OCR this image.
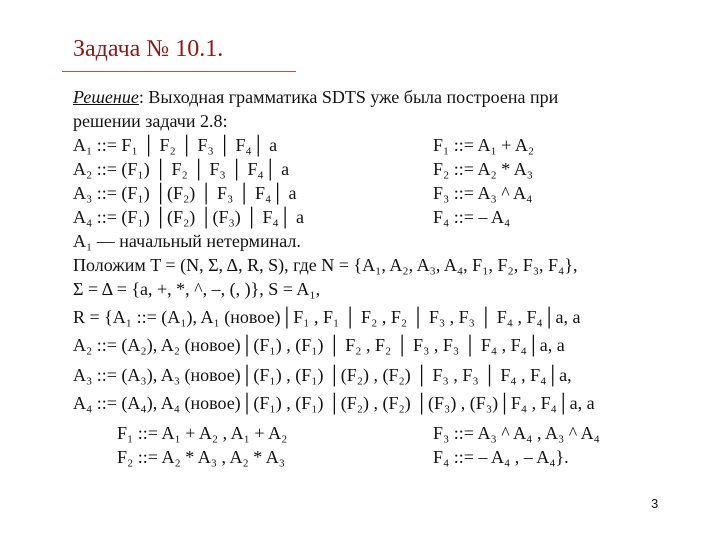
Задача № 10.1.
Решение: Выходная грамматика SDTS уже была построена при
решении задачи 2.8:
A₁ ::= F₁ │ F₂ │ F₃ │ F₄│ a
A₂ ::= (F₁) │ F₂ │ F₃ │ F₄│ a
A₃ ::= (F₁) │(F₂) │ F₃ │ F₄│ a
A₄ ::= (F₁) │(F₂) │(F₃) │ F₄│ a
F₁ ::= A₁ + A₂
F₂ ::= A₂ * A₃
F₃ ::= A₃ ^ A₄
F₄ ::= – A₄
A₁ — начальный нетерминал.
Положим T = (N, Σ, Δ, R, S), где N = {A₁, A₂, A₃, A₄, F₁, F₂, F₃, F₄},
Σ = Δ = {a, +, *, ^, –, (, )}, S = A₁,
R = {A₁ ::= (A₁), A₁ (новое)│F₁ , F₁ │ F₂ , F₂ │ F₃ , F₃ │ F₄ , F₄│a, a
A₂ ::= (A₂), A₂ (новое)│(F₁) , (F₁) │ F₂ , F₂ │ F₃ , F₃ │ F₄ , F₄│a, a
A₃ ::= (A₃), A₃ (новое)│(F₁) , (F₁) │(F₂) , (F₂) │ F₃ , F₃ │ F₄ , F₄│a,
A₄ ::= (A₄), A₄ (новое)│(F₁) , (F₁) │(F₂) , (F₂) │(F₃) , (F₃)│F₄ , F₄│a, a
F₁ ::= A₁ + A₂ , A₁ + A₂
F₂ ::= A₂ * A₃ , A₂ * A₃
F₃ ::= A₃ ^ A₄ , A₃ ^ A₄
F₄ ::= – A₄ , – A₄}.
3
